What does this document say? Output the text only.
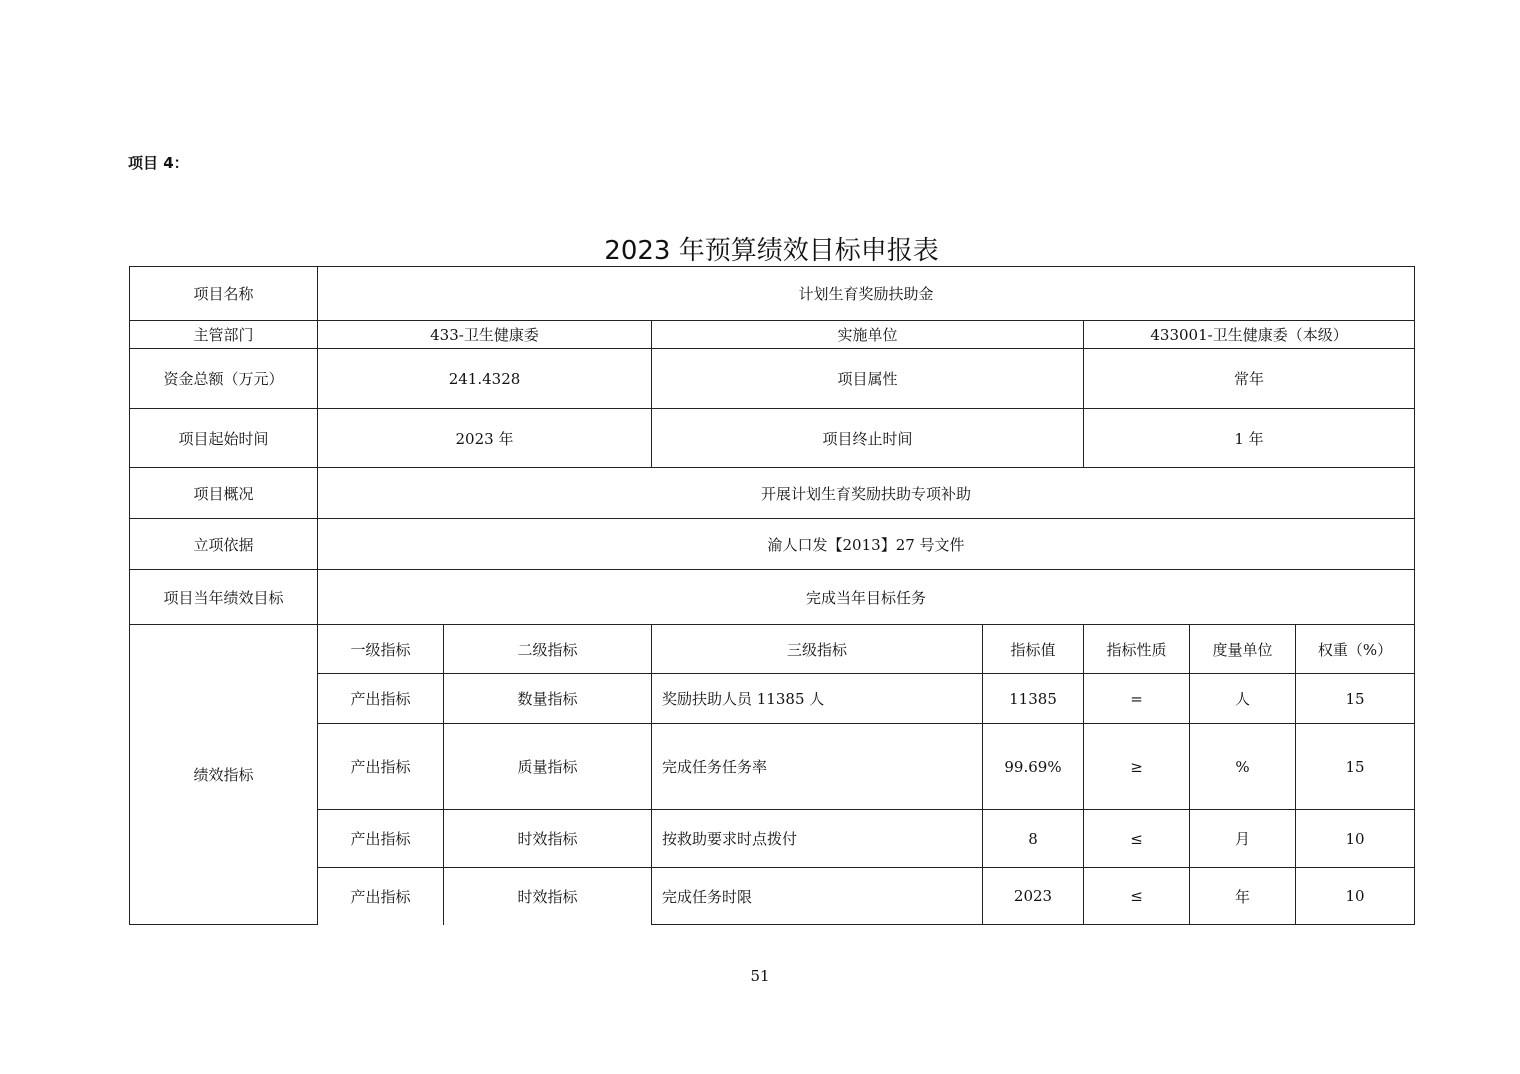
项目 4：
2023 年预算绩效目标申报表
项目名称	计划生育奖励扶助金						
主管部门	433-卫生健康委		实施单位		433001-卫生健康委（本级）		
资金总额（万元）	241.4328		项目属性		常年		
项目起始时间	2023 年		项目终止时间		1 年		
项目概况	开展计划生育奖励扶助专项补助						
立项依据	渝人口发【2013】27 号文件						
项目当年绩效目标	完成当年目标任务						
绩效指标	一级指标	二级指标	三级指标	指标值	指标性质	度量单位	权重（%）
	产出指标	数量指标	奖励扶助人员 11385 人	11385	=	人	15
	产出指标	质量指标	完成任务任务率	99.69%	≥	%	15
	产出指标	时效指标	按救助要求时点拨付	8	≤	月	10
	产出指标	时效指标	完成任务时限	2023	≤	年	10
51
